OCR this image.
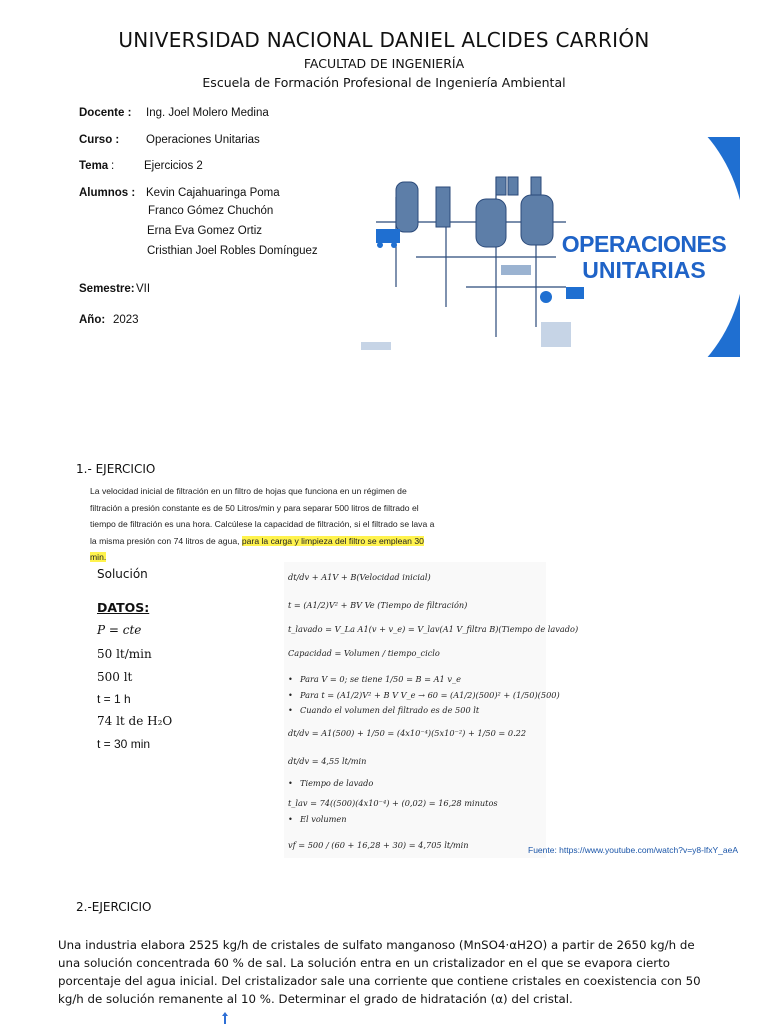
UNIVERSIDAD NACIONAL DANIEL ALCIDES CARRIÓN
FACULTAD DE INGENIERÍA
Escuela de Formación Profesional de Ingeniería Ambiental
Docente : Ing. Joel Molero Medina
Curso : Operaciones Unitarias
Tema :	Ejercicios 2
Alumnos : Kevin Cajahuaringa Poma
Franco Gómez Chuchón
Erna Eva Gomez Ortiz
Cristhian Joel Robles Domínguez
Semestre: VII
Año: 2023
OPERACIONES
UNITARIAS
1.- EJERCICIO
La velocidad inicial de filtración en un filtro de hojas que funciona en un régimen de filtración a presión constante es de 50 Litros/min y para separar 500 litros de filtrado el tiempo de filtración es una hora. Calcúlese la capacidad de filtración, si el filtrado se lava a la misma presión con 74 litros de agua, para la carga y limpieza del filtro se emplean 30 min.
Solución
DATOS:
P = cte
50 lt/min
500 lt
t = 1 h
74 lt de H₂O
t = 30 min
dt/dv + A1V + B(Velocidad inicial)
t = (A1/2)V² + BV Ve (Tiempo de filtración)
t_lavado = V_La A1(v + v_e) = V_lav(A1 V_filtra B)(Tiempo de lavado)
Capacidad = Volumen / tiempo_ciclo
• Para V = 0; se tiene 1/50 = B = A1 v_e
• Para t = (A1/2)V² + B V V_e → 60 = (A1/2)(500)² + (1/50)(500)
• Cuando el volumen del filtrado es de 500 lt
dt/dv = A1(500) + 1/50 = (4x10⁻⁴)(5x10⁻²) + 1/50 = 0.22
dt/dv = 4,55 lt/min
• Tiempo de lavado
t_lav = 74((500)(4x10⁻⁴) + (0,02) = 16,28 minutos
• El volumen
vf = 500 / (60 + 16,28 + 30) = 4,705 lt/min	Fuente: https://www.youtube.com/watch?v=y8-lfxY_aeA
2.-EJERCICIO
Una industria elabora 2525 kg/h de cristales de sulfato manganoso (MnSO4·αH2O) a partir de 2650 kg/h de una solución concentrada 60 % de sal. La solución entra en un cristalizador en el que se evapora cierto porcentaje del agua inicial. Del cristalizador sale una corriente que contiene cristales en coexistencia con 50 kg/h de solución remanente al 10 %. Determinar el grado de hidratación (α) del cristal.
